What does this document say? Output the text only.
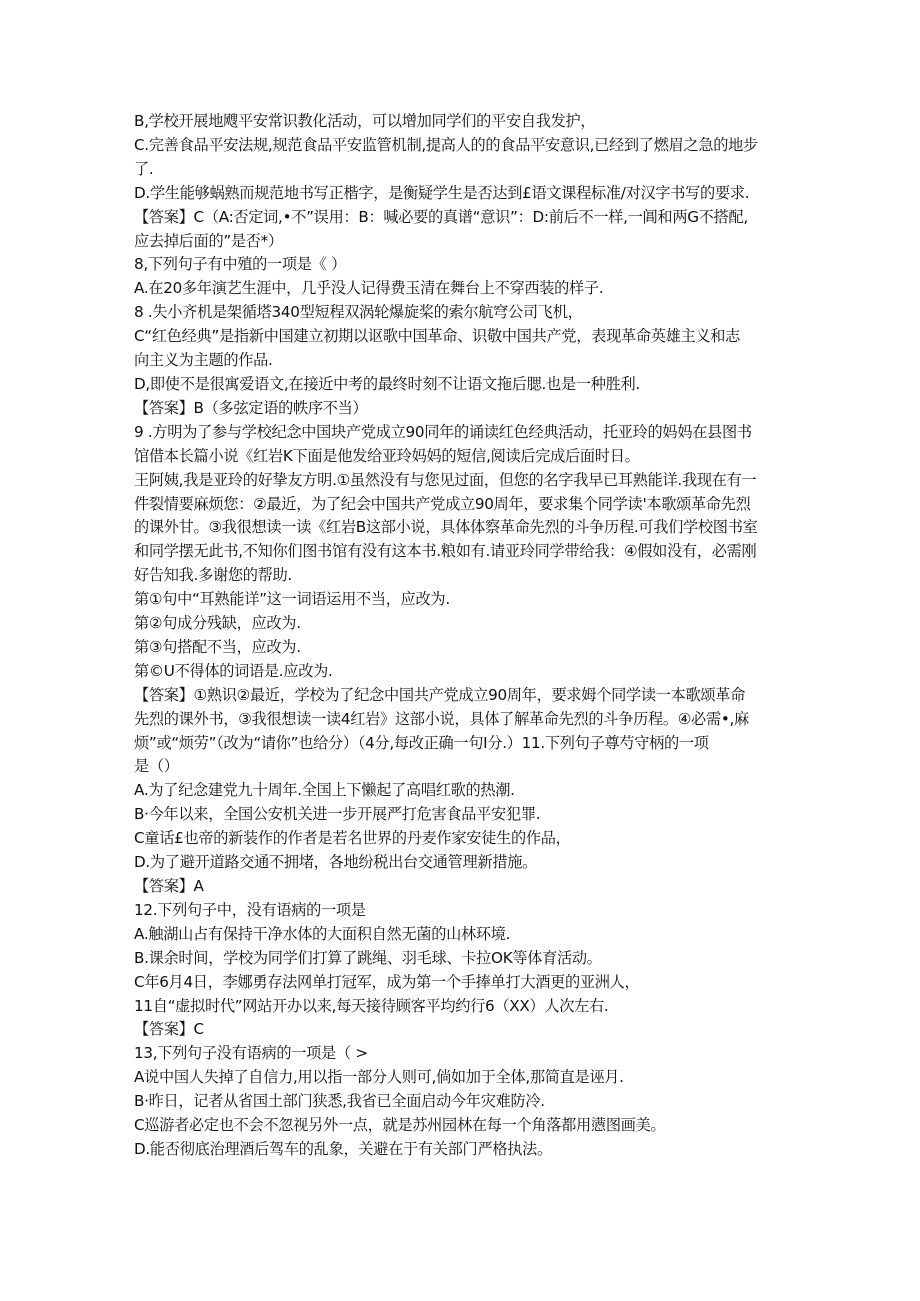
B,学校开展地飕平安常识教化活动，可以增加同学们的平安自我发护，
C.完善食品平安法规,规范食品平安监管机制,提高人的的食品平安意识,已经到了燃眉之急的地步
了.
D.学生能够蜗熟而规范地书写正楷字，是衡疑学生是否达到£语文课程标准/对汉字书写的要求.
【答案】C（A:否定词,•不”误用：B：喊必要的真谱“意识”：D:前后不一样,一阊和两G不搭配,
应去掉后面的”是否*）
8,下列句子有中殖的一项是《 ）
A.在20多年演艺生涯中，几乎没人记得费玉清在舞台上不穿西装的样子.
8 .失小齐机是架循塔340型短程双涡轮爆旋桨的索尔航穹公司飞机，
C“红色经典”是指新中国建立初期以讴歌中国革命、识敬中国共产党，表现革命英雄主义和志
向主义为主题的作品.
D,即使不是很寓爱语文,在接近中考的最终时刻不让语文拖后腮.也是一种胜利.
【答案】B（多弦定语的帙序不当）
9 .方明为了参与学校纪念中国块产党成立90同年的诵读红色经典活动，托亚玲的妈妈在县图书
馆借本长篇小说《红岩K下面是他发给亚玲妈妈的短信,阅读后完成后面时日。
王阿姨,我是亚玲的好挚友方明.①虽然没有与您见过面，但您的名字我早已耳熟能详.我现在有一
件裂情要麻烦您：②最近，为了纪会中国共产党成立90周年，要求集个同学读'本歌颂革命先烈
的课外甘。③我很想读一读《红岩B这部小说，具体体察革命先烈的斗争历程.可我们学校图书室
和同学摆无此书,不知你们图书馆有没有这本书.粮如有.请亚玲同学带给我：④假如没有，必需刚
好告知我.多谢您的帮助.
第①句中“耳熟能详”这一词语运用不当，应改为.
第②句成分残缺，应改为.
第③句搭配不当，应改为.
第©U不得体的词语是.应改为.
【答案】①熟识②最近，学校为了纪念中国共产党成立90周年，要求姆个同学读一本歌颂革命
先烈的课外书，③我很想读一读4红岩》这部小说，具体了解革命先烈的斗争历程。④必需•,麻
烦”或“烦劳”（改为“请你”也给分）（4分,每改正确一句I分.）11.下列句子尊芍守柄的一项
是（）
A.为了纪念建党九十周年.全国上下懒起了高唱红歌的热潮.
B·今年以来，全国公安机关进一步开展严打危害食品平安犯罪.
C童话£也帝的新装作的作者是若名世界的丹麦作家安徒生的作品，
D.为了避开道路交通不拥堵，各地纷税出台交通管理新措施。
【答案】A
12.下列句子中，没有语病的一项是
A.触湖山占有保持干净水体的大面积自然无菌的山林环境.
B.课余时间，学校为同学们打算了跳绳、羽毛球、卡拉OK等体育活动。
C年6月4日，李娜勇存法网单打冠军，成为第一个手捧单打大酒更的亚洲人，
11自“虚拟时代”网站开办以来,每天接待顾客平均约行6（XX）人次左右.
【答案】C
13,下列句子没有语病的一项是（ >
A说中国人失掉了自信力,用以指一部分人则可,倘如加于全体,那简直是诬月.
B·昨日，记者从省国土部门狭悉,我省已全面启动今年灾难防冷.
C巡游者必定也不会不忽视另外一点，就是苏州园林在每一个角落都用懑图画美。
D.能否彻底治理酒后驾车的乱象，关避在于有关部门严格执法。
